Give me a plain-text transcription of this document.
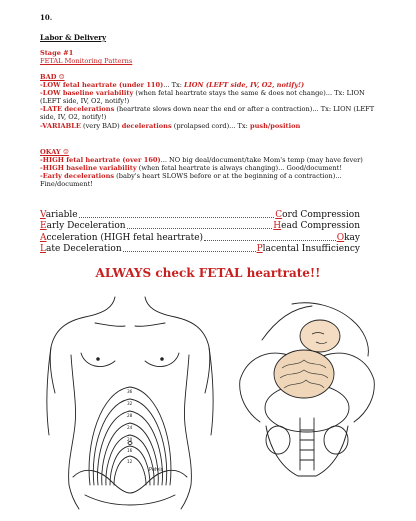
10.
Labor & Delivery
Stage #1
FETAL Monitoring Patterns
BAD ☹
-LOW fetal heartrate (under 110)... Tx: LION (LEFT side, IV, O2, notify!)
-LOW baseline variability (when fetal heartrate stays the same & does not change)... Tx: LION (LEFT side, IV, O2, notify!)
-LATE decelerations (heartrate slows down near the end or after a contraction)... Tx: LION (LEFT side, IV, O2, notify!)
-VARIABLE (very BAD) decelerations (prolapsed cord)... Tx: push/position
OKAY ☺
-HIGH fetal heartrate (over 160)... NO big deal/document/take Mom's temp (may have fever)
-HIGH baseline variability (when fetal heartrate is always changing)... Good/document!
-Early decelerations (baby's heart SLOWS before or at the beginning of a contraction)... Fine/document!
Variable	Cord Compression
Early Deceleration	Head Compression
Acceleration (HIGH fetal heartrate)	Okay
Late Deceleration	Placental Insufficiency
ALWAYS check FETAL heartrate!!
36
32
28
24
20
16
12
Pelvis
